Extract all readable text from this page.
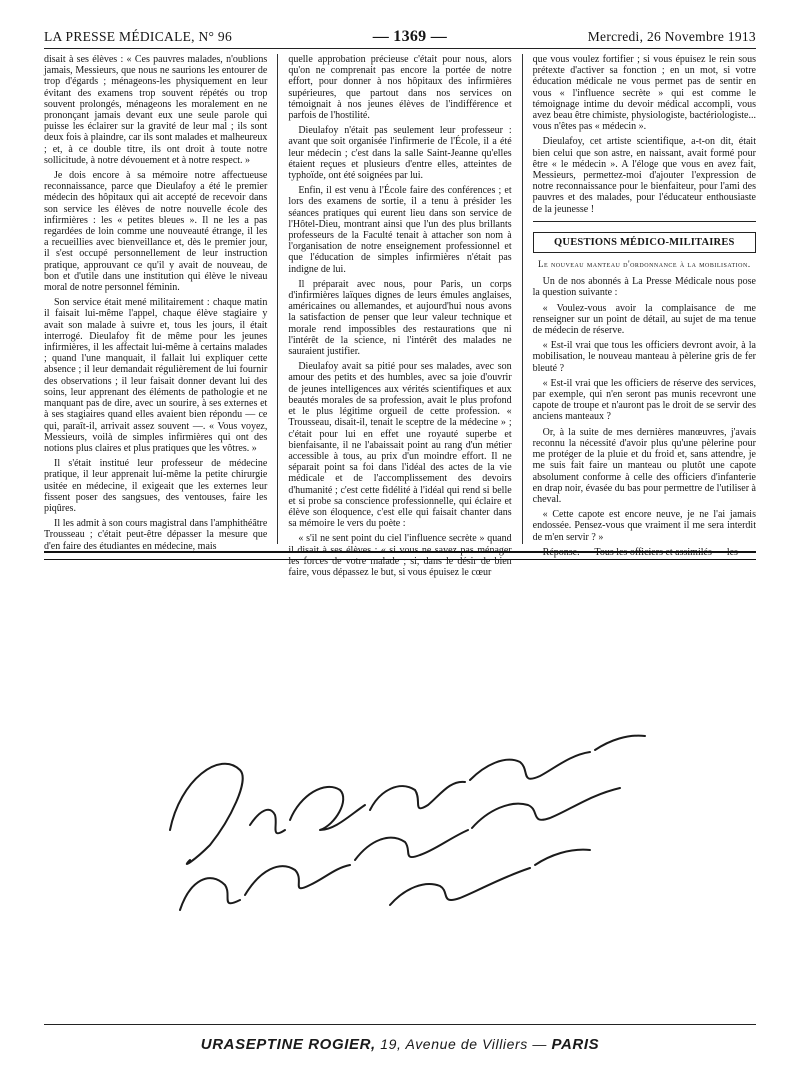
LA PRESSE MÉDICALE, N° 96	— 1369 —	Mercredi, 26 Novembre 1913

disait à ses élèves : « Ces pauvres malades, n'oublions jamais, Messieurs, que nous ne saurions les entourer de trop d'égards ; ménageons-les physiquement en leur évitant des examens trop souvent répétés ou trop souvent prolongés, ménageons les moralement en ne prononçant jamais devant eux une seule parole qui puisse les éclairer sur la gravité de leur mal ; ils sont deux fois à plaindre, car ils sont malades et malheureux ; et, à ce double titre, ils ont droit à toute notre sollicitude, à notre dévouement et à notre respect. »

Je dois encore à sa mémoire notre affectueuse reconnaissance, parce que Dieulafoy a été le premier médecin des hôpitaux qui ait accepté de recevoir dans son service les élèves de notre nouvelle école des infirmières : les « petites bleues ». Il ne les a pas regardées de loin comme une nouveauté étrange, il les a recueillies avec bienveillance et, dès le premier jour, il s'est occupé personnellement de leur instruction pratique, approuvant ce qu'il y avait de nouveau, de bon et d'utile dans une institution qui élève le niveau moral de notre personnel féminin.

Son service était mené militairement : chaque matin il faisait lui-même l'appel, chaque élève stagiaire y avait son malade à suivre et, tous les jours, il était interrogé. Dieulafoy fit de même pour les jeunes infirmières, il les affectait lui-même à certains malades ; quand l'une manquait, il fallait lui expliquer cette absence ; il leur demandait régulièrement de lui fournir des observations ; il leur faisait donner devant lui des soins, leur apprenant des éléments de pathologie et ne manquant pas de dire, avec un sourire, à ses externes et à ses stagiaires quand elles avaient bien répondu — ce qui, paraît-il, arrivait assez souvent —. « Vous voyez, Messieurs, voilà de simples infirmières qui ont des notions plus claires et plus pratiques que les vôtres. »

Il s'était institué leur professeur de médecine pratique, il leur apprenait lui-même la petite chirurgie usitée en médecine, il exigeait que les externes leur fissent poser des sangsues, des ventouses, faire les piqûres.

Il les admit à son cours magistral dans l'amphithéâtre Trousseau ; c'était peut-être dépasser la mesure que d'en faire des étudiantes en médecine, mais

quelle approbation précieuse c'était pour nous, alors qu'on ne comprenait pas encore la portée de notre effort, pour donner à nos hôpitaux des infirmières supérieures, que partout dans nos services on témoignait à nos jeunes élèves de l'indifférence et parfois de l'hostilité.

Dieulafoy n'était pas seulement leur professeur : avant que soit organisée l'infirmerie de l'École, il a été leur médecin ; c'est dans la salle Saint-Jeanne qu'elles étaient reçues et plusieurs d'entre elles, atteintes de typhoïde, ont été soignées par lui.

Enfin, il est venu à l'École faire des conférences ; et lors des examens de sortie, il a tenu à présider les séances pratiques qui eurent lieu dans son service de l'Hôtel-Dieu, montrant ainsi que l'un des plus brillants professeurs de la Faculté tenait à attacher son nom à l'organisation de notre enseignement professionnel et que l'éducation de simples infirmières n'était pas indigne de lui.

Il préparait avec nous, pour Paris, un corps d'infirmières laïques dignes de leurs émules anglaises, américaines ou allemandes, et aujourd'hui nous avons la satisfaction de penser que leur valeur technique et morale rend impossibles des restaurations que ni l'intérêt de la science, ni l'intérêt des malades ne sauraient justifier.

Dieulafoy avait sa pitié pour ses malades, avec son amour des petits et des humbles, avec sa joie d'ouvrir de jeunes intelligences aux vérités scientifiques et aux beautés morales de sa profession, avait le plus profond et le plus légitime orgueil de cette profession. « Trousseau, disait-il, tenait le sceptre de la médecine » ; c'était pour lui en effet une royauté superbe et bienfaisante, il ne l'abaissait point au rang d'un métier accessible à tous, au prix d'un moindre effort. Il ne séparait point sa foi dans l'idéal des actes de la vie médicale et de l'accomplissement des devoirs d'humanité ; c'est cette fidélité à l'idéal qui rend si belle et si probe sa conscience professionnelle, qui éclaire et élève son éloquence, c'est elle qui faisait chanter dans sa mémoire le vers du poète :

« s'il ne sent point du ciel l'influence secrète » quand il disait à ses élèves : « si vous ne savez pas ménager les forces de votre malade ; si, dans le désir de bien faire, vous dépassez le but, si vous épuisez le cœur

que vous voulez fortifier ; si vous épuisez le rein sous prétexte d'activer sa fonction ; en un mot, si votre éducation médicale ne vous permet pas de sentir en vous « l'influence secrète » qui est comme le témoignage intime du devoir médical accompli, vous avez beau être chimiste, physiologiste, bactériologiste... vous n'êtes pas « médecin ».

Dieulafoy, cet artiste scientifique, a-t-on dit, était bien celui que son astre, en naissant, avait formé pour être « le médecin ». A l'éloge que vous en avez fait, Messieurs, permettez-moi d'ajouter l'expression de notre reconnaissance pour le bienfaiteur, pour l'ami des pauvres et des malades, pour l'éducateur enthousiaste de la jeunesse !

QUESTIONS MÉDICO-MILITAIRES
Le nouveau manteau d'ordonnance à la mobilisation.

Un de nos abonnés à La Presse Médicale nous pose la question suivante :

« Voulez-vous avoir la complaisance de me renseigner sur un point de détail, au sujet de ma tenue de médecin de réserve.

« Est-il vrai que tous les officiers devront avoir, à la mobilisation, le nouveau manteau à pèlerine gris de fer bleuté ?

« Est-il vrai que les officiers de réserve des services, par exemple, qui n'en seront pas munis recevront une capote de troupe et n'auront pas le droit de se servir des anciens manteaux ?

Or, à la suite de mes dernières manœuvres, j'avais reconnu la nécessité d'avoir plus qu'une pèlerine pour me protéger de la pluie et du froid et, sans attendre, je me suis fait faire un manteau ou plutôt une capote absolument conforme à celle des officiers d'infanterie en drap noir, évasée du bas pour permettre de l'utiliser à cheval.

« Cette capote est encore neuve, je ne l'ai jamais endossée. Pensez-vous que vraiment il me sera interdit de m'en servir ? »

Réponse. — Tous les officiers et assimilés — les

L'Uraseptine est le spécifique des affections vésico-rénales
URASEPTINE ROGIER, 19, Avenue de Villiers — PARIS
